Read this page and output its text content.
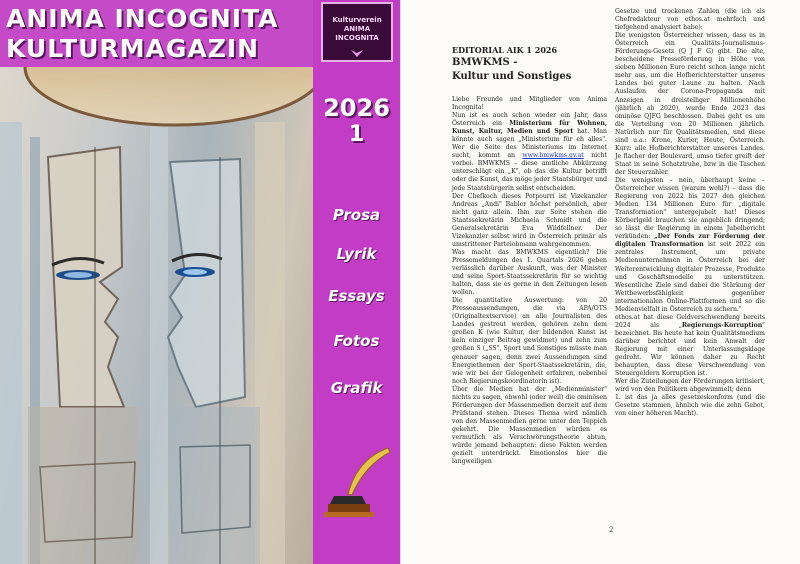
ANIMA INCOGNITA
KULTURMAGAZIN
Kulturverein
ANIMA
INCOGNITA
2026
1
Prosa
Lyrik
Essays
Fotos
Grafik
EDITORIAL AIK 1 2026
BMWKMS -
Kultur und Sonstiges

Liebe Freunde und Mitglieder von Anima Incognita!

Nun ist es auch schon wieder ein Jahr, dass Österreich ein Ministerium für Wohnen, Kunst, Kultur, Medien und Sport hat. Man könnte auch sagen „Ministerium für eh alles". Wer die Seite des Ministeriums im Internet sucht, kommt an www.bmwkms.gv.at nicht vorbei. BMWKMS – diese amtliche Abkürzung unterschlägt ein „K", ob das die Kultur betrifft oder die Kunst, das möge jeder Staatsbürger und jede Staatsbürgerin selbst entscheiden.

Der Chefkoch dieses Potpourri ist Vizekanzler Andreas „Andi" Babler höchst persönlich, aber nicht ganz allein. Ihm zur Seite stehen die Staatssekretärin Michaela Schmidt und die Generalsekretärin Eva Wildfellner. Der Vizekanzler selbst wird in Österreich primär als umstrittener Parteiobmann wahrgenommen.

Was macht das BMWKMS eigentlich? Die Pressemeldungen des 1. Quartals 2026 geben verlässlich darüber Auskunft, was der Minister und seine Sport-Staatssekretärin für so wichtig halten, dass sie es gerne in den Zeitungen lesen wollen.

Die quantitative Auswertung: von 20 Presseaussendungen, die via APA/OTS (Originaltextservice) an alle Journalisten des Landes gestreut werden, gehören zehn dem großen K (wie Kultur, der bildenden Kunst ist kein einziger Beitrag gewidmet) und zehn zum großen S („SS", Sport und Sonstiges müsste man genauer sagen, denn zwei Aussendungen sind Energiethemen der Sport-Staatssekretärin, die, wie wir bei der Gelegenheit erfahren, nebenbei noch Regierungskoordinatorin ist).

Über die Medien hat der „Medienminister" nichts zu sagen, obwohl (oder weil) die ominösen Förderungen der Massenmedien derzeit auf dem Prüfstand stehen. Dieses Thema wird nämlich von den Massenmedien gerne unter den Teppich gekehrt. Die Massenmedien würden es vermutlich als Verschwörungstheorie abtun, würde jemand behaupten: diese Fakten werden gezielt unterdrückt. Emotionslos hier die langweiligen

Gesetze und trockenen Zahlen (die ich als Chefredakteur von ethos.at mehrfach und tiefgehend analysiert habe):

Die wenigsten Österreicher wissen, dass es in Österreich ein Qualitäts-Journalismus-Förderungs-Gesetz (Q J F G) gibt. Die alte, bescheidene Presseförderung in Höhe von sieben Millionen Euro reicht schon lange nicht mehr aus, um die Hofberichterstatter unseres Landes bei guter Laune zu halten. Nach Auslaufen der Corona-Propaganda mit Anzeigen in dreistelliger Millionenhöhe (jährlich ab 2020), wurde Ende 2023 das ominöse QJFG beschlossen. Dabei geht es um die Verteilung von 20 Millionen jährlich. Natürlich nur für Qualitätsmedien, und diese sind u.a.: Krone, Kurier, Heute, Österreich. Kurz: alle Hofberichterstatter unseres Landes. Je flacher der Boulevard, umso tiefer greift der Staat in seine Schatztruhe, bzw in die Taschen der Steuerzahler.

Die wenigsten – nein, überhaupt keine – Österreicher wissen (warum wohl?) – dass die Regierung von 2022 bis 2027 den gleichen Medien 134 Millionen Euro für „digitale Transformation" untergejubelt hat! Dieses Körberlgeld brauchen sie angeblich dringend; so lässt die Regierung in einem Jubelbericht verkünden: „Der Fonds zur Förderung der digitalen Transformation ist seit 2022 ein zentrales Instrument, um private Medienunternehmen in Österreich bei der Weiterentwicklung digitaler Prozesse, Produkte und Geschäftsmodelle zu unterstützen. Wesentliche Ziele sind dabei die Stärkung der Wettbewerbsfähigkeit gegenüber internationalen Online-Plattformen und so die Medienvielfalt in Österreich zu sichern."

ethos.at hat diese Geldverschwendung bereits 2024 als „Regierungs-Korruption" bezeichnet. Bis heute hat kein Qualitätsmedium darüber berichtet und kein Anwalt der Regierung mit einer Unterlassungsklage gedroht. Wir können daher zu Recht behaupten, dass diese Verschwendung von Steuergeldern Korruption ist.

Wer die Zuteilungen der Förderungen kritisiert, wird von den Politikern abgewimmelt; denn

1. ist das ja alles gesetzeskonform (und die Gesetze stammen, ähnlich wie die zehn Gebot, von einer höheren Macht).

2
